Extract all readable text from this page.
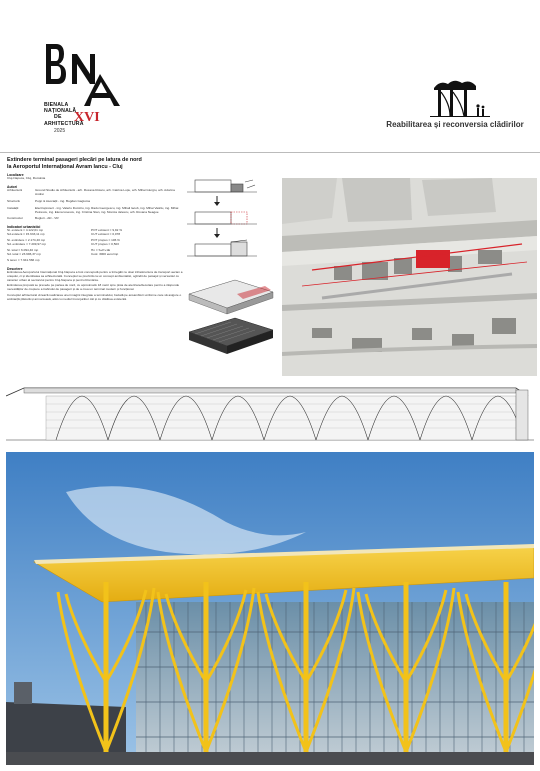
BIENALA
NAȚIONALĂ
DE
ARHITECTURĂ
XVI
2025
Reabilitarea și reconversia clădirilor
Extindere terminal pasageri plecări pe latura de nord
la Aeroportul Internațional Avram Iancu - Cluj
Localizare
Cluj-Napoca, Cluj, România
Autori
Arhitectură	Ground Studio de Arhitectură - arh. Roxana Rotaru, arh. Catrina Lupu, arh. Mihai Giurgiu, arh. Adorina Andrei
Structură	Popp & Asociații - ing. Bogdan Gagiuma
Instalații	Electroproiect - ing. Valeriu Dumitru, ing. Radu Georgescu, ing. Mihail Iacob, ing. Mihai Vasiliu, ing. Mihai Petrescu, ing. Elena Iosescu, ing. Cristina Stan, ing. Monica Jalescu, arh. Roxana Neagoe
Constructor	Boglori - AD - VR
Indicatori urbanistici
St. existent = 4.122,01 mp	POT existent = 9,92 %
Sd existent = 15.633,11 mp	CUT existent = 0,078
St. extindere = 2.174,40 mp	POT propus = 106 %
Sd. extindere = 7.209,97 mp	CUT propus = 0,503
St. total = 6.094,40 mp	Hn = S+P+1E
Sd. total = 23.996,37 mp	Cost: 3000 euro/mp
S teren = 7.941.566 mp
Descriere
Extinderea Aeroportului Internațional Cluj-Napoca a fost concepută pentru a întregăti nu doar infrastructura de transport aerian a orașului, ci și identitatea sa arhitecturală. Conceptul se prezintă ca un concept ambientalist, oglindit de peisajul și versantul cu caracter urban al sectorului pentru Cluj-Napoca și pentru România.
Extinderea propusă se prevede pe partea de nord, cu aproximativ 18 metri spre pista de aterizare/decolare pentru a răspunde necesităților de creștere a traficului de pasageri și de a crea un terminal modern și funcțional.
Conceptul arhitectural vizează realizarea unei imagini integrate a terminalului, bazată pe ansambluri uniforme care să asigure o ambianță plăcută și armonioasă, atât cu mediul înconjurător cât și cu clădirea existentă.
